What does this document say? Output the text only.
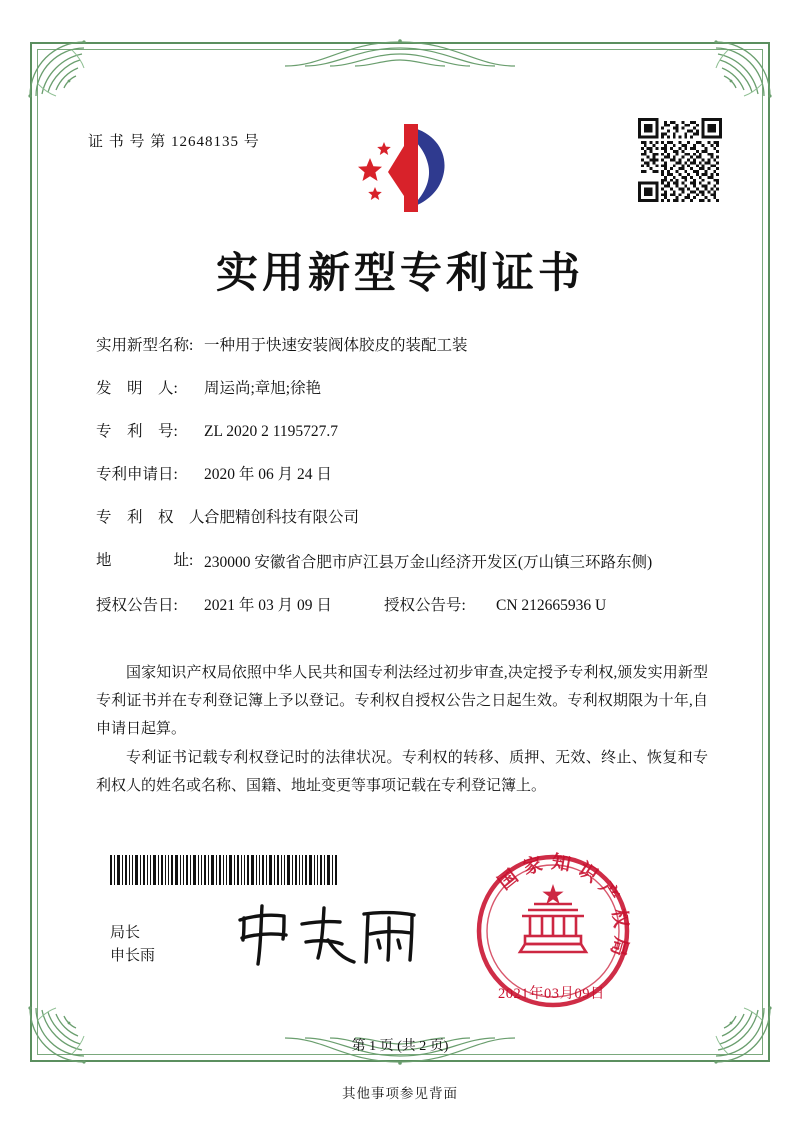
证 书 号 第 12648135 号
实用新型专利证书
实用新型名称: 一种用于快速安装阀体胶皮的装配工装
发　明　人:	周运尚;章旭;徐艳
专　利　号:	ZL 2020 2 1195727.7
专利申请日:	2020 年 06 月 24 日
专　利　权　人:
合肥精创科技有限公司
地　　　　址: 230000 安徽省合肥市庐江县万金山经济开发区(万山镇三环路东侧)
授权公告日:	2021 年 03 月 09 日	授权公告号:	CN 212665936 U

国家知识产权局依照中华人民共和国专利法经过初步审查,决定授予专利权,颁发实用新型专利证书并在专利登记簿上予以登记。专利权自授权公告之日起生效。专利权期限为十年,自申请日起算。

专利证书记载专利权登记时的法律状况。专利权的转移、质押、无效、终止、恢复和专利权人的姓名或名称、国籍、地址变更等事项记载在专利登记簿上。

局长
申长雨
国家知识产权局
2021年03月09日
第 1 页 (共 2 页)
其他事项参见背面
